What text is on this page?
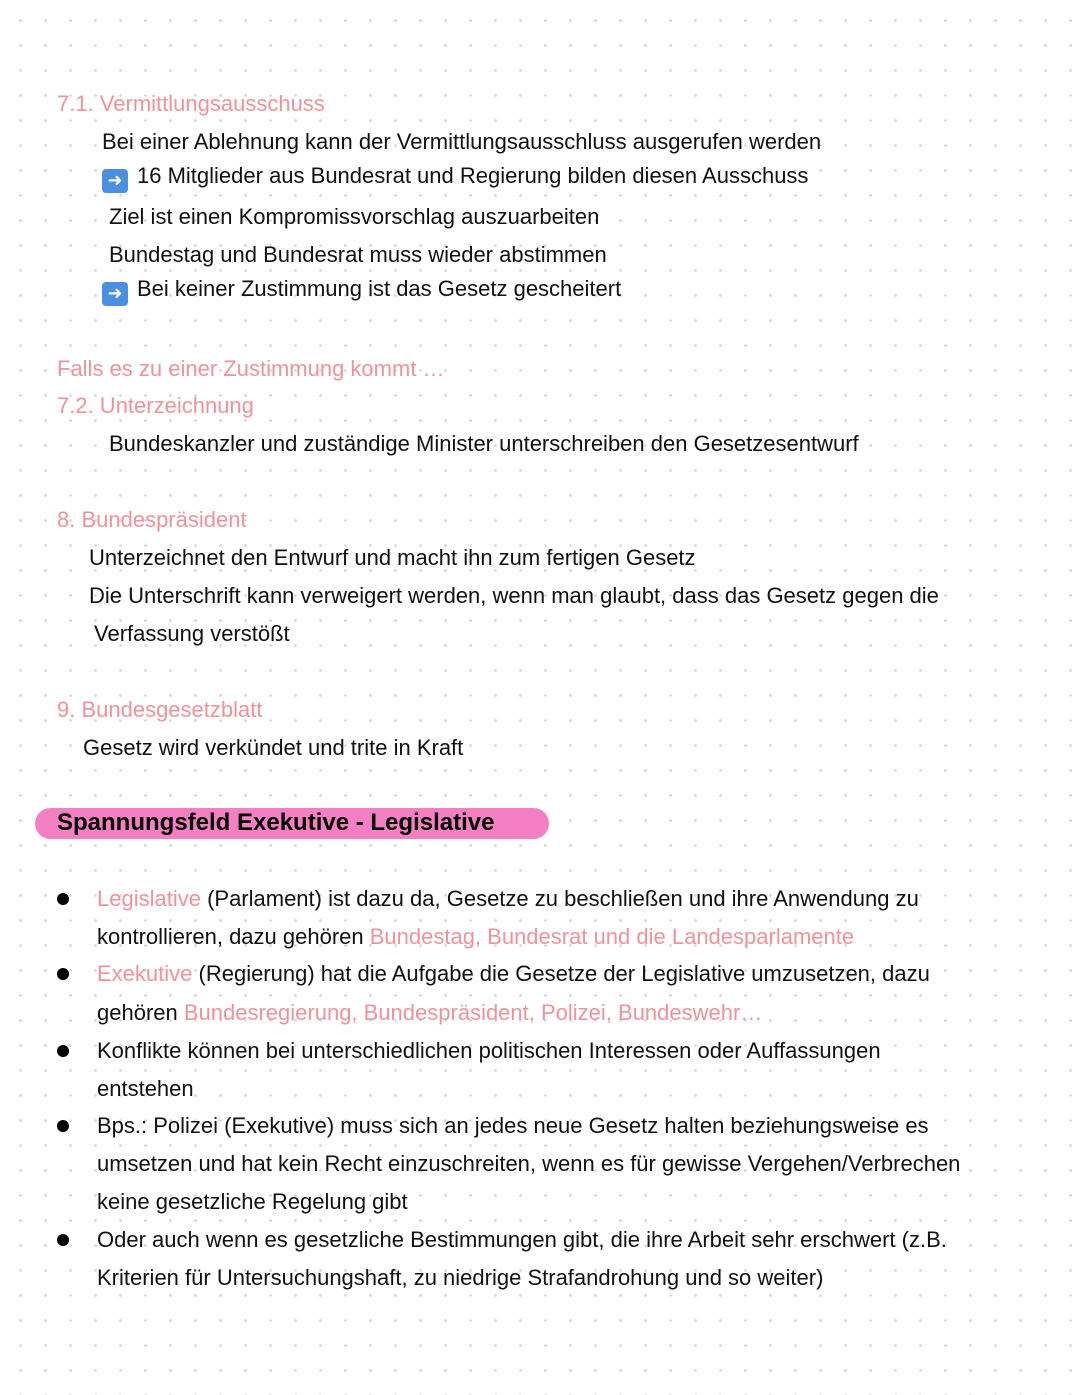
7.1. Vermittlungsausschuss
Bei einer Ablehnung kann der Vermittlungsausschluss ausgerufen werden
➜ 16 Mitglieder aus Bundesrat und Regierung bilden diesen Ausschuss
Ziel ist einen Kompromissvorschlag auszuarbeiten
Bundestag und Bundesrat muss wieder abstimmen
➜ Bei keiner Zustimmung ist das Gesetz gescheitert
Falls es zu einer Zustimmung kommt …
7.2. Unterzeichnung
Bundeskanzler und zuständige Minister unterschreiben den Gesetzesentwurf
8. Bundespräsident
Unterzeichnet den Entwurf und macht ihn zum fertigen Gesetz
Die Unterschrift kann verweigert werden, wenn man glaubt, dass das Gesetz gegen die
Verfassung verstößt
9. Bundesgesetzblatt
Gesetz wird verkündet und trite in Kraft
Spannungsfeld Exekutive - Legislative
Legislative (Parlament) ist dazu da, Gesetze zu beschließen und ihre Anwendung zu
kontrollieren, dazu gehören Bundestag, Bundesrat und die Landesparlamente
Exekutive (Regierung) hat die Aufgabe die Gesetze der Legislative umzusetzen, dazu
gehören Bundesregierung, Bundespräsident, Polizei, Bundeswehr…
Konflikte können bei unterschiedlichen politischen Interessen oder Auffassungen
entstehen
Bps.: Polizei (Exekutive) muss sich an jedes neue Gesetz halten beziehungsweise es
umsetzen und hat kein Recht einzuschreiten, wenn es für gewisse Vergehen/Verbrechen
keine gesetzliche Regelung gibt
Oder auch wenn es gesetzliche Bestimmungen gibt, die ihre Arbeit sehr erschwert (z.B.
Kriterien für Untersuchungshaft, zu niedrige Strafandrohung und so weiter)
